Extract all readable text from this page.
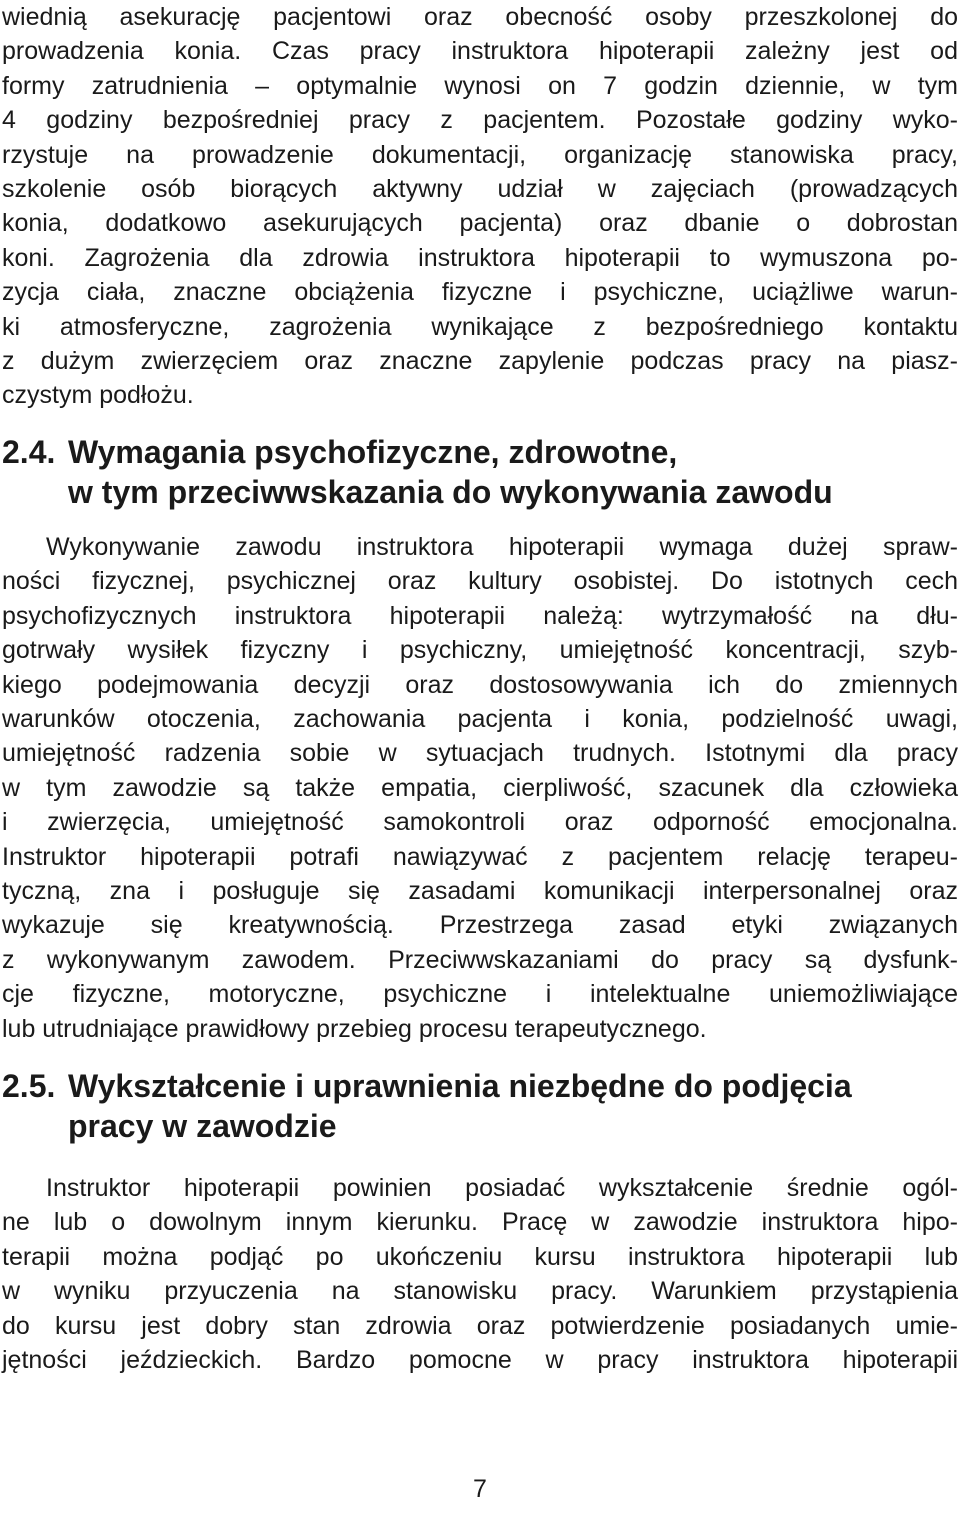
wiednią asekurację pacjentowi oraz obecność osoby przeszkolonej do
prowadzenia konia. Czas pracy instruktora hipoterapii zależny jest od
formy zatrudnienia – optymalnie wynosi on 7 godzin dziennie, w tym
4 godziny bezpośredniej pracy z pacjentem. Pozostałe godziny wyko-
rzystuje na prowadzenie dokumentacji, organizację stanowiska pracy,
szkolenie osób biorących aktywny udział w zajęciach (prowadzących
konia, dodatkowo asekurujących pacjenta) oraz dbanie o dobrostan
koni. Zagrożenia dla zdrowia instruktora hipoterapii to wymuszona po-
zycja ciała, znaczne obciążenia fizyczne i psychiczne, uciążliwe warun-
ki atmosferyczne, zagrożenia wynikające z bezpośredniego kontaktu
z dużym zwierzęciem oraz znaczne zapylenie podczas pracy na piasz-
czystym podłożu.
2.4. Wymagania psychofizyczne, zdrowotne,
w tym przeciwwskazania do wykonywania zawodu
Wykonywanie zawodu instruktora hipoterapii wymaga dużej spraw-
ności fizycznej, psychicznej oraz kultury osobistej. Do istotnych cech
psychofizycznych instruktora hipoterapii należą: wytrzymałość na dłu-
gotrwały wysiłek fizyczny i psychiczny, umiejętność koncentracji, szyb-
kiego podejmowania decyzji oraz dostosowywania ich do zmiennych
warunków otoczenia, zachowania pacjenta i konia, podzielność uwagi,
umiejętność radzenia sobie w sytuacjach trudnych. Istotnymi dla pracy
w tym zawodzie są także empatia, cierpliwość, szacunek dla człowieka
i zwierzęcia, umiejętność samokontroli oraz odporność emocjonalna.
Instruktor hipoterapii potrafi nawiązywać z pacjentem relację terapeu-
tyczną, zna i posługuje się zasadami komunikacji interpersonalnej oraz
wykazuje się kreatywnością. Przestrzega zasad etyki związanych
z wykonywanym zawodem. Przeciwwskazaniami do pracy są dysfunk-
cje fizyczne, motoryczne, psychiczne i intelektualne uniemożliwiające
lub utrudniające prawidłowy przebieg procesu terapeutycznego.
2.5. Wykształcenie i uprawnienia niezbędne do podjęcia
pracy w zawodzie
Instruktor hipoterapii powinien posiadać wykształcenie średnie ogól-
ne lub o dowolnym innym kierunku. Pracę w zawodzie instruktora hipo-
terapii można podjąć po ukończeniu kursu instruktora hipoterapii lub
w wyniku przyuczenia na stanowisku pracy. Warunkiem przystąpienia
do kursu jest dobry stan zdrowia oraz potwierdzenie posiadanych umie-
jętności jeździeckich. Bardzo pomocne w pracy instruktora hipoterapii
7
